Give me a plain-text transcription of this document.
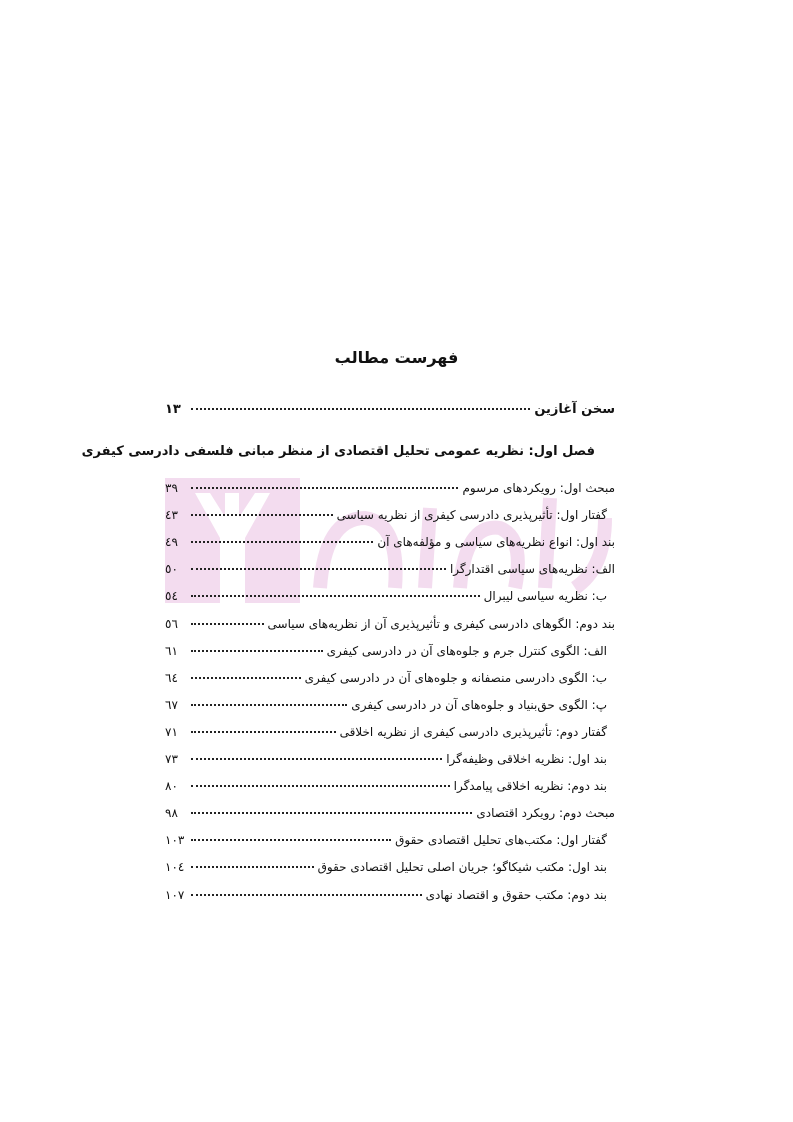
فهرست مطالب
سخن آغازین
١٣
فصل اول: نظریه عمومی تحلیل اقتصادی از منظر مبانی فلسفی دادرسی کیفری
مبحث اول: رویکردهای مرسوم
٣٩
گفتار اول: تأثیرپذیری دادرسی کیفری از نظریه سیاسی
٤٣
بند اول: انواع نظریه‌های سیاسی و مؤلفه‌های آن
٤٩
الف: نظریه‌های سیاسی اقتدارگرا
٥٠
ب: نظریه سیاسی لیبرال
٥٤
بند دوم: الگوهای دادرسی کیفری و تأثیرپذیری آن از نظریه‌های سیاسی
٥٦
الف: الگوی کنترل جرم و جلوه‌های آن در دادرسی کیفری
٦١
ب: الگوی دادرسی منصفانه و جلوه‌های آن در دادرسی کیفری
٦٤
پ: الگوی حق‌بنیاد و جلوه‌های آن در دادرسی کیفری
٦٧
گفتار دوم: تأثیرپذیری دادرسی کیفری از نظریه اخلاقی
٧١
بند اول: نظریه اخلاقی وظیفه‌گرا
٧٣
بند دوم: نظریه اخلاقی پیامدگرا
٨٠
مبحث دوم: رویکرد اقتصادی
٩٨
گفتار اول: مکتب‌های تحلیل اقتصادی حقوق
١٠٣
بند اول: مکتب شیکاگو؛ جریان اصلی تحلیل اقتصادی حقوق
١٠٤
بند دوم: مکتب حقوق و اقتصاد نهادی
١٠٧
